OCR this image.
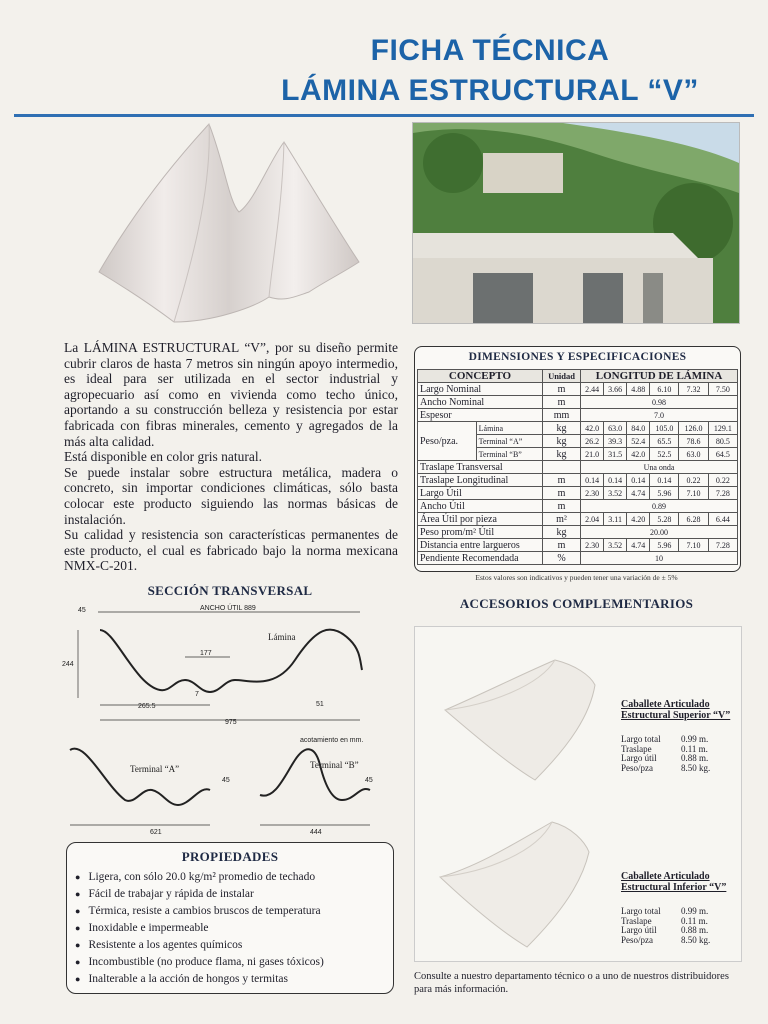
FICHA TÉCNICA
LÁMINA ESTRUCTURAL “V”

La LÁMINA ESTRUCTURAL “V”, por su diseño permite cubrir claros de hasta 7 metros sin ningún apoyo intermedio, es ideal para ser utilizada en el sector industrial y agropecuario así como en vivienda como techo único, aportando a su construcción belleza y resistencia por estar fabricada con fibras minerales, cemento y agregados de la más alta calidad.

Está disponible en color gris natural.

Se puede instalar sobre estructura metálica, madera o concreto, sin importar condiciones climáticas, sólo basta colocar este producto siguiendo las normas básicas de instalación.

Su calidad y resistencia son características permanentes de este producto, el cual es fabricado bajo la norma mexicana NMX-C-201.

DIMENSIONES Y ESPECIFICACIONES
CONCEPTO		Unidad	LONGITUD DE LÁMINA					
Largo Nominal		m	2.44	3.66	4.88	6.10	7.32	7.50
Ancho Nominal		m	0.98					
Espesor		mm	7.0					
Peso/pza.	Lámina	kg	42.0	63.0	84.0	105.0	126.0	129.1
	Terminal “A”	kg	26.2	39.3	52.4	65.5	78.6	80.5
	Terminal “B”	kg	21.0	31.5	42.0	52.5	63.0	64.5
Traslape Transversal			Una onda					
Traslape Longitudinal		m	0.14	0.14	0.14	0.14	0.22	0.22
Largo Útil		m	2.30	3.52	4.74	5.96	7.10	7.28
Ancho Útil		m	0.89					
Área Útil por pieza		m²	2.04	3.11	4.20	5.28	6.28	6.44
Peso prom/m² Útil		kg	20.00					
Distancia entre largueros		m	2.30	3.52	4.74	5.96	7.10	7.28
Pendiente Recomendada		%	10					
Estos valores son indicativos y pueden tener una variación de ± 5%
SECCIÓN TRANSVERSAL
45	ANCHO ÚTIL 889
Lámina
244
177
7
265.5	51
975
acotamiento en mm.
Terminal “A”	Terminal “B”
45	45
621	444
PROPIEDADES
● Ligera, con sólo 20.0 kg/m² promedio de techado
● Fácil de trabajar y rápida de instalar
● Térmica, resiste a cambios bruscos de temperatura
● Inoxidable e impermeable
● Resistente a los agentes químicos
● Incombustible (no produce flama, ni gases tóxicos)
● Inalterable a la acción de hongos y termitas
ACCESORIOS COMPLEMENTARIOS
Caballete Articulado
Estructural Superior “V”
Largo total	0.99 m.
Traslape	0.11 m.
Largo útil	0.88 m.
Peso/pza	8.50 kg.
Caballete Articulado
Estructural Inferior “V”
Largo total	0.99 m.
Traslape	0.11 m.
Largo útil	0.88 m.
Peso/pza	8.50 kg.
Consulte a nuestro departamento técnico o a uno de nuestros distribuidores para más información.
